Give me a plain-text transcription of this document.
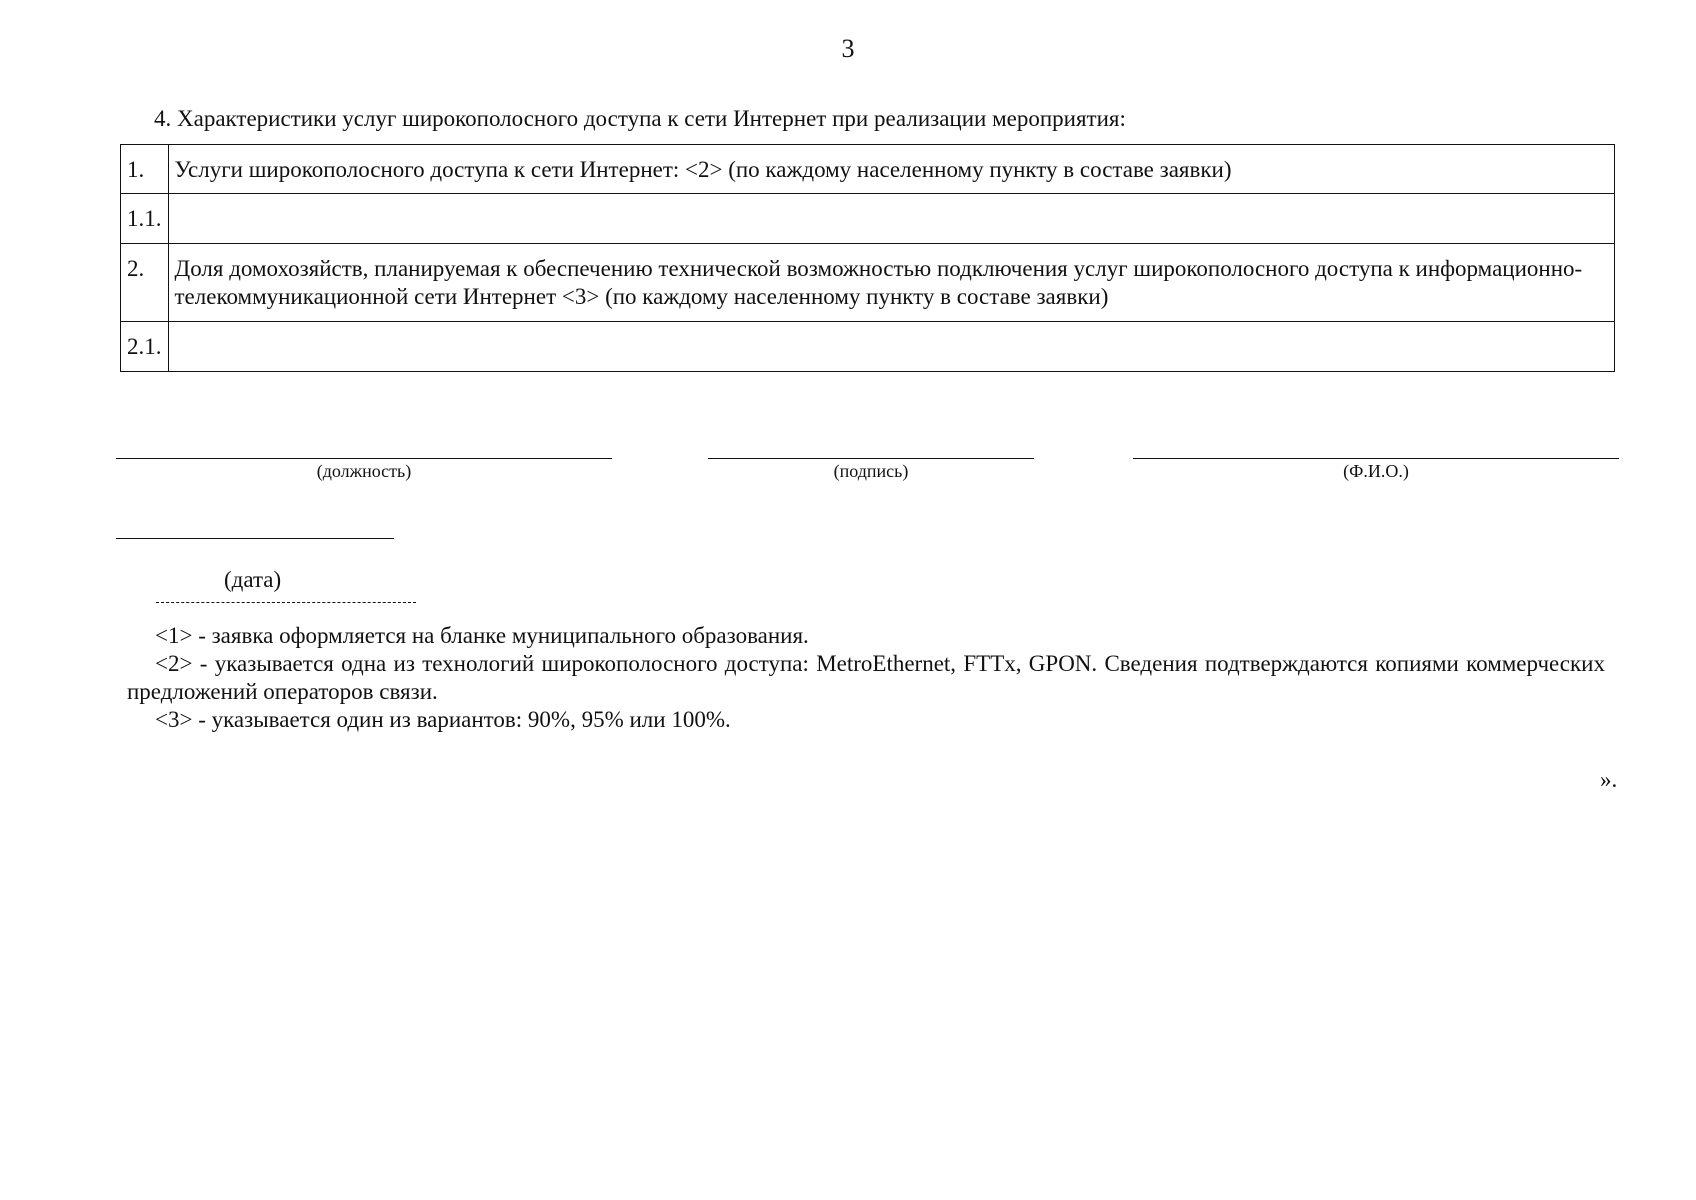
3
4. Характеристики услуг широкополосного доступа к сети Интернет при реализации мероприятия:
1.	Услуги широкополосного доступа к сети Интернет: <2> (по каждому населенному пункту в составе заявки)
1.1.	
2.	Доля домохозяйств, планируемая к обеспечению технической возможностью подключения услуг широкополосного доступа к информационно-телекоммуникационной сети Интернет <3> (по каждому населенному пункту в составе заявки)
2.1.	
(должность)	(подпись)	(Ф.И.О.)
(дата)

<1> - заявка оформляется на бланке муниципального образования.

<2> - указывается одна из технологий широкополосного доступа: MetroEthernet, FTTx, GPON. Сведения подтверждаются копиями коммерческих предложений операторов связи.

<3> - указывается один из вариантов: 90%, 95% или 100%.

».
